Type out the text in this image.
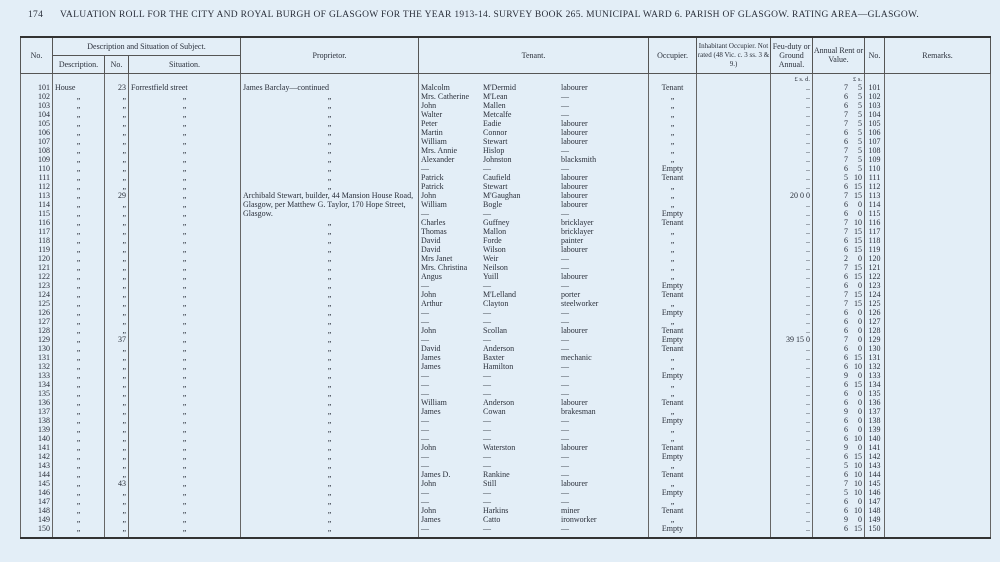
174 VALUATION ROLL FOR THE CITY AND ROYAL BURGH OF GLASGOW FOR THE YEAR 1913-14. SURVEY BOOK 265. MUNICIPAL WARD 6. PARISH OF GLASGOW. RATING AREA—GLASGOW.
No.	Description and Situation of Subject.			Proprietor.	Tenant.	Occupier.	Inhabitant Occupier. Not rated (48 Vic. c. 3 ss. 3 & 9.)	Feu-duty or Ground Annual.	Annual Rent or Value.	No.	Remarks.
	Description.	No.	Situation.								
								£ s. d.	£ s.		
101	House	23	Forrestfield street	James Barclay—continued	Malcolm M'Dermid labourer	Tenant		..	7 5	101	
102	„	„	„	„	Mrs. Catherine M'Lean —	„		..	6 5	102	
103	„	„	„	„	John Mallen —	„		..	6 5	103	
104	„	„	„	„	Walter Metcalfe —	„		..	7 5	104	
105	„	„	„	„	Peter Eadie labourer	„		..	7 5	105	
106	„	„	„	„	Martin Connor labourer	„		..	6 5	106	
107	„	„	„	„	William Stewart labourer	„		..	6 5	107	
108	„	„	„	„	Mrs. Annie Hislop —	„		..	7 5	108	
109	„	„	„	„	Alexander Johnston blacksmith	„		..	7 5	109	
110	„	„	„	„	— — —	Empty		..	6 5	110	
111	„	„	„	„	Patrick Caufield labourer	Tenant		..	5 10	111	
112	„	„	„	„	Patrick Stewart labourer	„		..	6 15	112	
113	„	29	„	Archibald Stewart, builder, 44 Mansion House Road, Glasgow, per Matthew G. Taylor, 170 Hope Street, Glasgow.	John M'Gaughan labourer	„		20 0 0	7 15	113	
114	„	„	„		William Bogle labourer	„		..	6 0	114	
115	„	„	„		— — —	Empty		..	6 0	115	
116	„	„	„	„	Charles Guffney bricklayer	Tenant		..	7 10	116	
117	„	„	„	„	Thomas Mallon bricklayer	„		..	7 15	117	
118	„	„	„	„	David Forde painter	„		..	6 15	118	
119	„	„	„	„	David Wilson labourer	„		..	6 15	119	
120	„	„	„	„	Mrs Janet Weir —	„		..	2 0	120	
121	„	„	„	„	Mrs. Christina Neilson —	„		..	7 15	121	
122	„	„	„	„	Angus Yuill labourer	„		..	6 15	122	
123	„	„	„	„	— — —	Empty		..	6 0	123	
124	„	„	„	„	John M'Lelland porter	Tenant		..	7 15	124	
125	„	„	„	„	Arthur Clayton steelworker	„		..	7 15	125	
126	„	„	„	„	— — —	Empty		..	6 0	126	
127	„	„	„	„	— — —	„		..	6 0	127	
128	„	„	„	„	John Scollan labourer	Tenant		..	6 0	128	
129	„	37	„	„	— — —	Empty		39 15 0	7 0	129	
130	„	„	„	„	David Anderson —	Tenant		..	6 0	130	
131	„	„	„	„	James Baxter mechanic	„		..	6 15	131	
132	„	„	„	„	James Hamilton —	„		..	6 10	132	
133	„	„	„	„	— — —	Empty		..	9 0	133	
134	„	„	„	„	— — —	„		..	6 15	134	
135	„	„	„	„	— — —	„		..	6 0	135	
136	„	„	„	„	William Anderson labourer	Tenant		..	6 0	136	
137	„	„	„	„	James Cowan brakesman	„		..	9 0	137	
138	„	„	„	„	— — —	Empty		..	6 0	138	
139	„	„	„	„	— — —	„		..	6 0	139	
140	„	„	„	„	— — —	„		..	6 10	140	
141	„	„	„	„	John Waterston labourer	Tenant		..	9 0	141	
142	„	„	„	„	— — —	Empty		..	6 15	142	
143	„	„	„	„	— — —	„		..	5 10	143	
144	„	„	„	„	James D. Rankine —	Tenant		..	6 10	144	
145	„	43	„	„	John Still labourer	„		..	7 10	145	
146	„	„	„	„	— — —	Empty		..	5 10	146	
147	„	„	„	„	— — —	„		..	6 0	147	
148	„	„	„	„	John Harkins miner	Tenant		..	6 10	148	
149	„	„	„	„	James Catto ironworker	„		..	9 0	149	
150	„	„	„	„	— — —	Empty		..	6 15	150	
